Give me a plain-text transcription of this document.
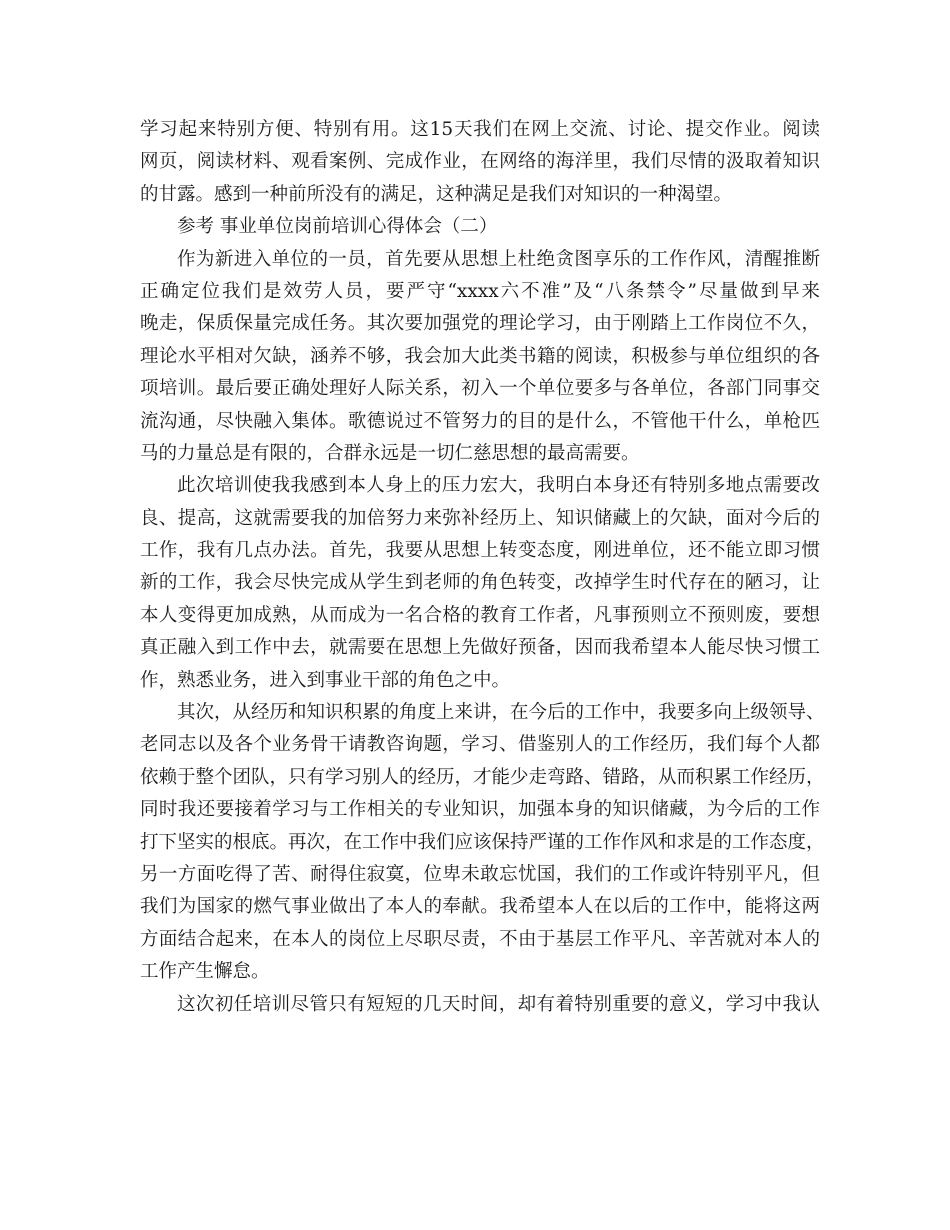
学习起来特别方便、特别有用。这15天我们在网上交流、讨论、提交作业。阅读
网页，阅读材料、观看案例、完成作业，在网络的海洋里，我们尽情的汲取着知识
的甘露。感到一种前所没有的满足，这种满足是我们对知识的一种渴望。
参考 事业单位岗前培训心得体会（二）
作为新进入单位的一员，首先要从思想上杜绝贪图享乐的工作作风，清醒推断
正确定位我们是效劳人员，要严守“xxxx六不准”及“八条禁令”尽量做到早来
晚走，保质保量完成任务。其次要加强党的理论学习，由于刚踏上工作岗位不久，
理论水平相对欠缺，涵养不够，我会加大此类书籍的阅读，积极参与单位组织的各
项培训。最后要正确处理好人际关系，初入一个单位要多与各单位，各部门同事交
流沟通，尽快融入集体。歌德说过不管努力的目的是什么，不管他干什么，单枪匹
马的力量总是有限的，合群永远是一切仁慈思想的最高需要。
此次培训使我我感到本人身上的压力宏大，我明白本身还有特别多地点需要改
良、提高，这就需要我的加倍努力来弥补经历上、知识储藏上的欠缺，面对今后的
工作，我有几点办法。首先，我要从思想上转变态度，刚进单位，还不能立即习惯
新的工作，我会尽快完成从学生到老师的角色转变，改掉学生时代存在的陋习，让
本人变得更加成熟，从而成为一名合格的教育工作者，凡事预则立不预则废，要想
真正融入到工作中去，就需要在思想上先做好预备，因而我希望本人能尽快习惯工
作，熟悉业务，进入到事业干部的角色之中。
其次，从经历和知识积累的角度上来讲，在今后的工作中，我要多向上级领导、
老同志以及各个业务骨干请教咨询题，学习、借鉴别人的工作经历，我们每个人都
依赖于整个团队，只有学习别人的经历，才能少走弯路、错路，从而积累工作经历，
同时我还要接着学习与工作相关的专业知识，加强本身的知识储藏，为今后的工作
打下坚实的根底。再次，在工作中我们应该保持严谨的工作作风和求是的工作态度，
另一方面吃得了苦、耐得住寂寞，位卑未敢忘忧国，我们的工作或许特别平凡，但
我们为国家的燃气事业做出了本人的奉献。我希望本人在以后的工作中，能将这两
方面结合起来，在本人的岗位上尽职尽责，不由于基层工作平凡、辛苦就对本人的
工作产生懈怠。
这次初任培训尽管只有短短的几天时间，却有着特别重要的意义，学习中我认
